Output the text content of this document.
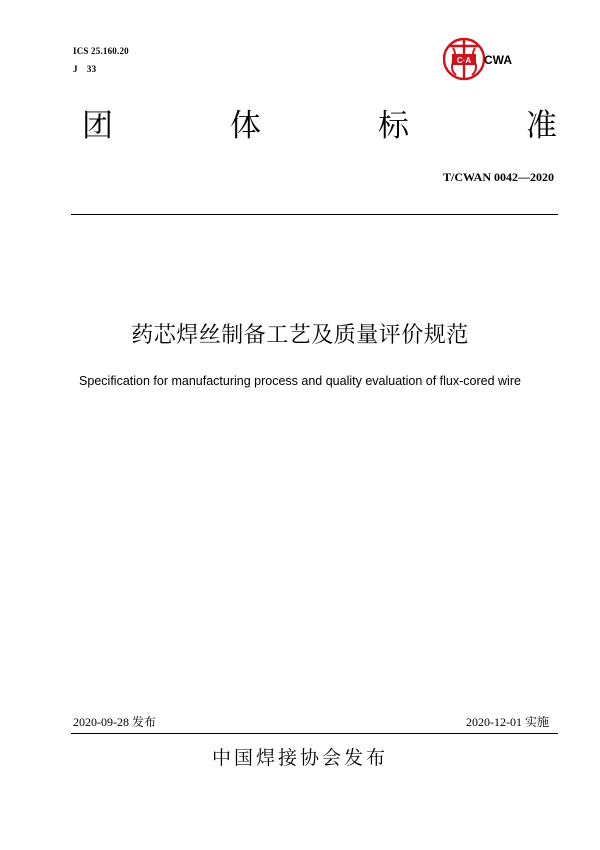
ICS 25.160.20
J　33
C·A CWA
团	体	标	准
T/CWAN 0042—2020
药芯焊丝制备工艺及质量评价规范
Specification for manufacturing process and quality evaluation of flux-cored wire
2020-09-28 发布	2020-12-01 实施
中国焊接协会发布
